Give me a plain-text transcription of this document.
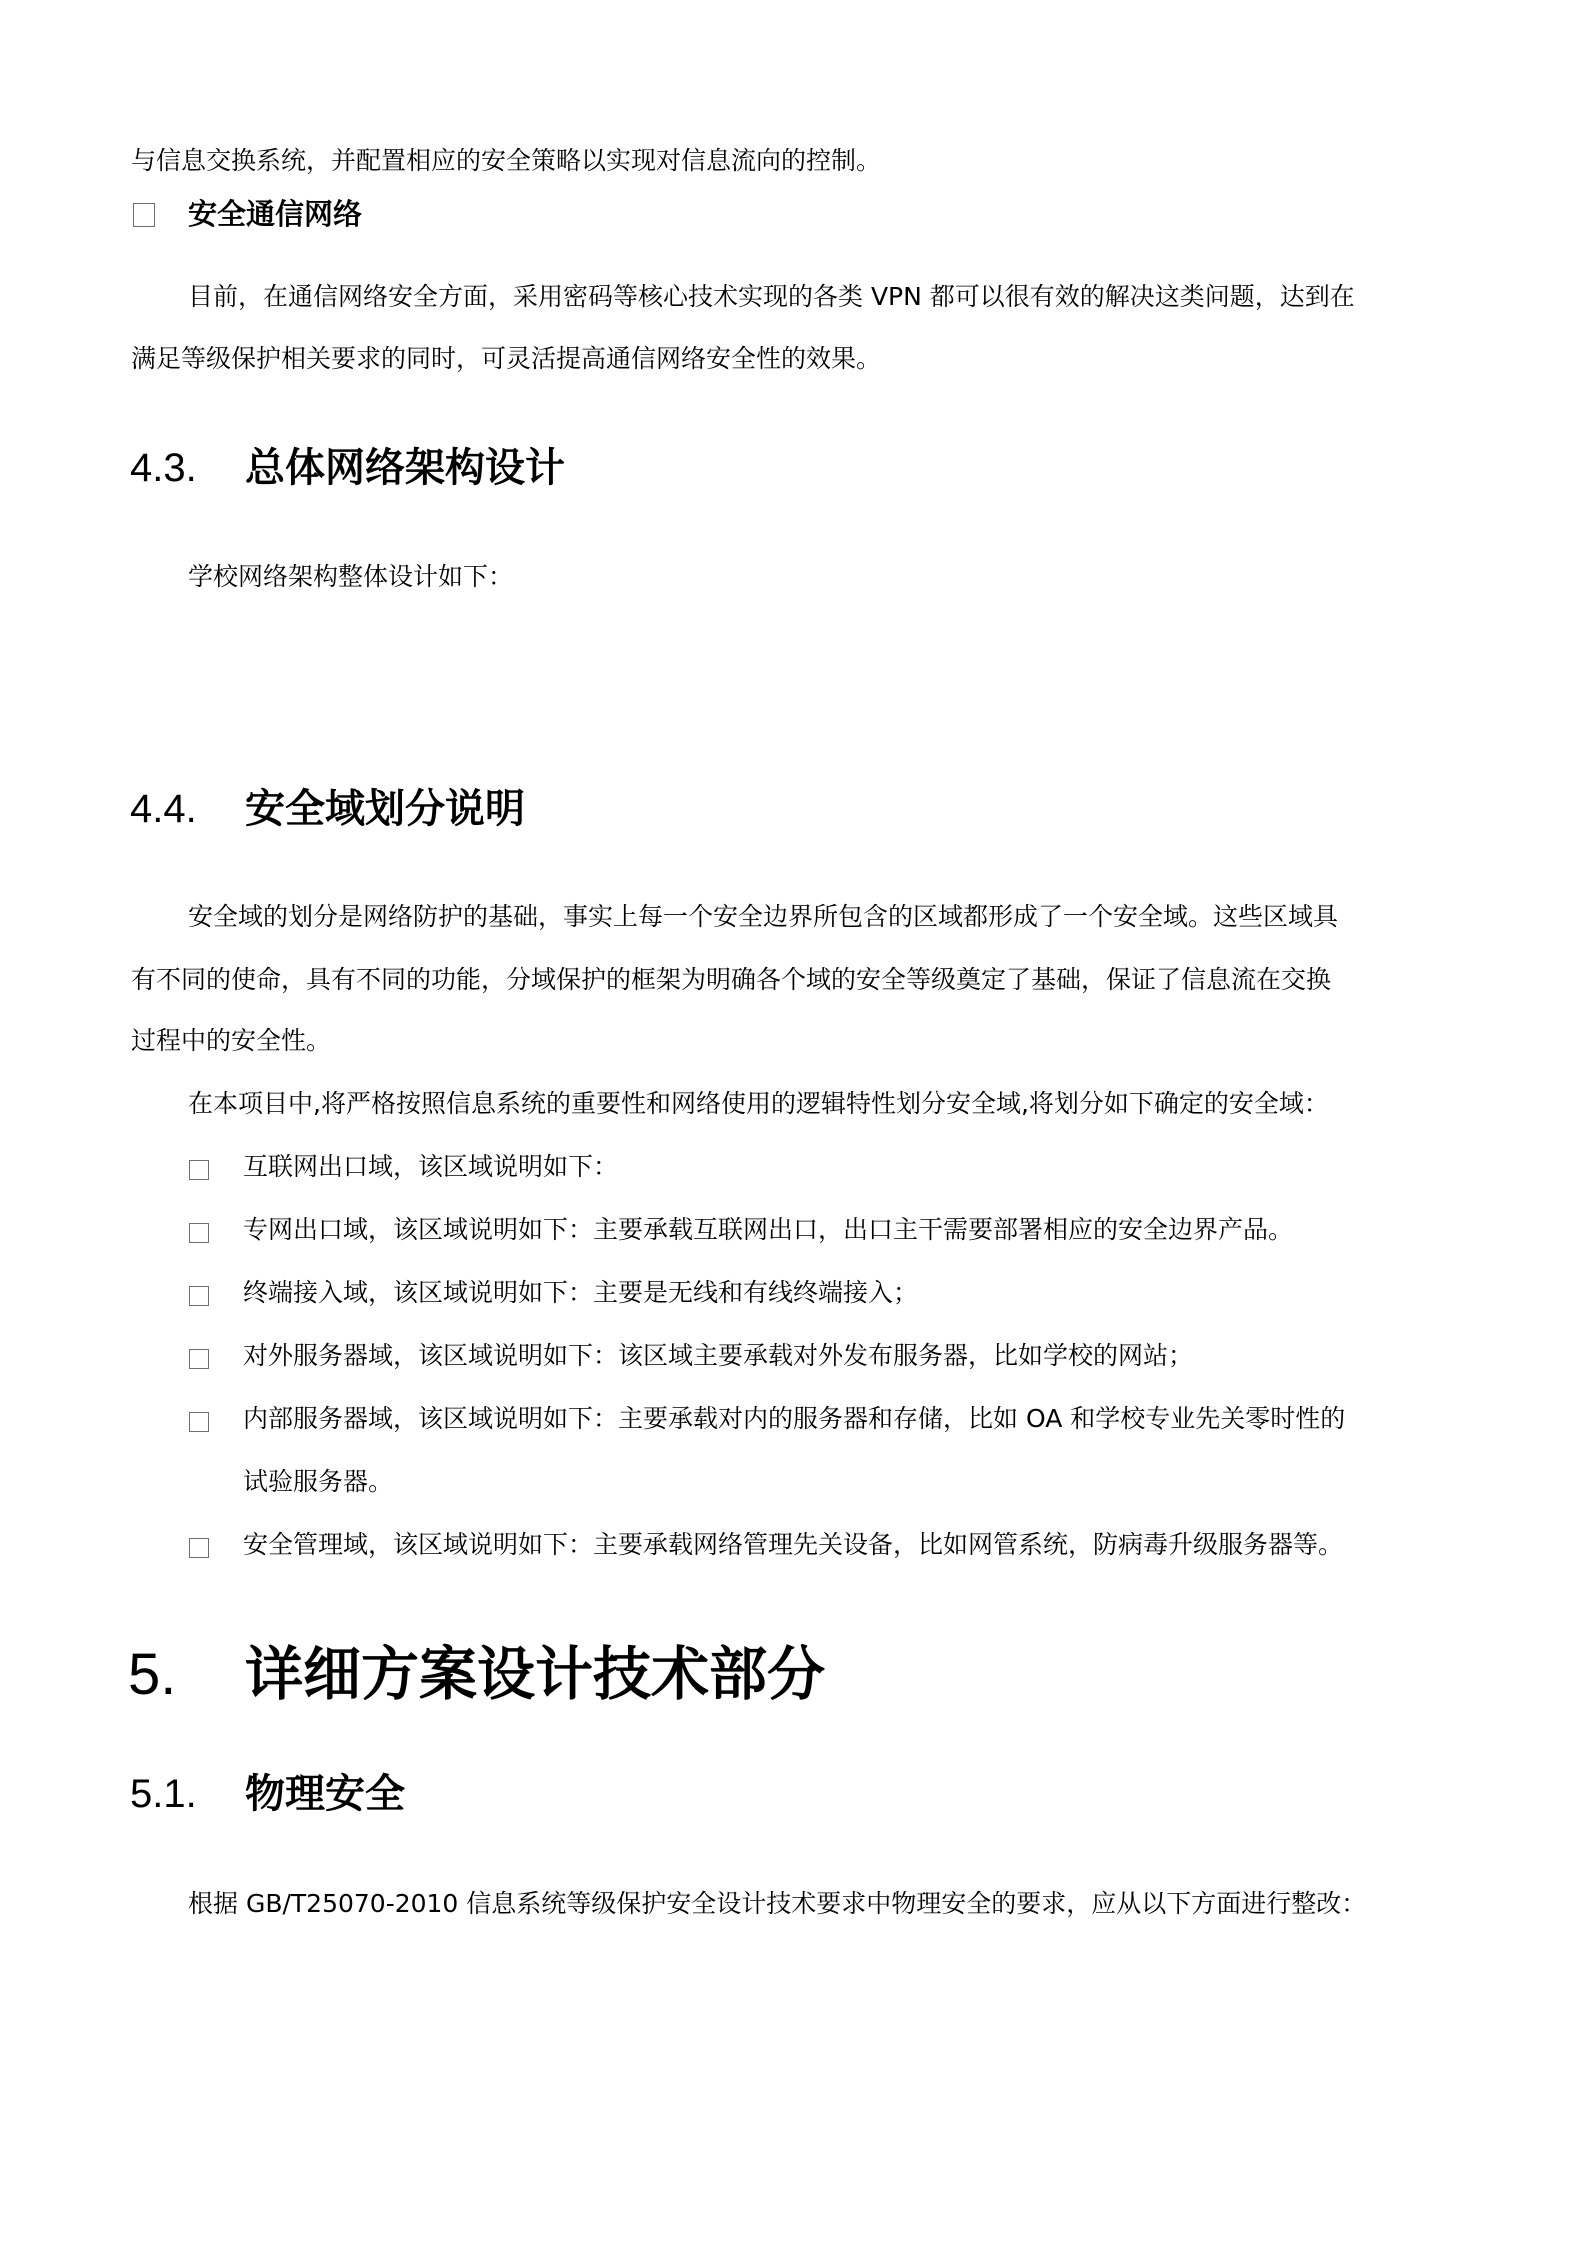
与信息交换系统，并配置相应的安全策略以实现对信息流向的控制。
安全通信网络
目前，在通信网络安全方面，采用密码等核心技术实现的各类 VPN 都可以很有效的解决这类问题，达到在
满足等级保护相关要求的同时，可灵活提高通信网络安全性的效果。
4.3. 总体网络架构设计
学校网络架构整体设计如下：
4.4. 安全域划分说明
安全域的划分是网络防护的基础，事实上每一个安全边界所包含的区域都形成了一个安全域。这些区域具
有不同的使命，具有不同的功能，分域保护的框架为明确各个域的安全等级奠定了基础，保证了信息流在交换
过程中的安全性。
在本项目中,将严格按照信息系统的重要性和网络使用的逻辑特性划分安全域,将划分如下确定的安全域：
互联网出口域，该区域说明如下：
专网出口域，该区域说明如下：主要承载互联网出口，出口主干需要部署相应的安全边界产品。
终端接入域，该区域说明如下：主要是无线和有线终端接入；
对外服务器域，该区域说明如下：该区域主要承载对外发布服务器，比如学校的网站；
内部服务器域，该区域说明如下：主要承载对内的服务器和存储，比如 OA 和学校专业先关零时性的
试验服务器。
安全管理域，该区域说明如下：主要承载网络管理先关设备，比如网管系统，防病毒升级服务器等。
5. 详细方案设计技术部分
5.1. 物理安全
根据 GB/T25070-2010 信息系统等级保护安全设计技术要求中物理安全的要求，应从以下方面进行整改：
